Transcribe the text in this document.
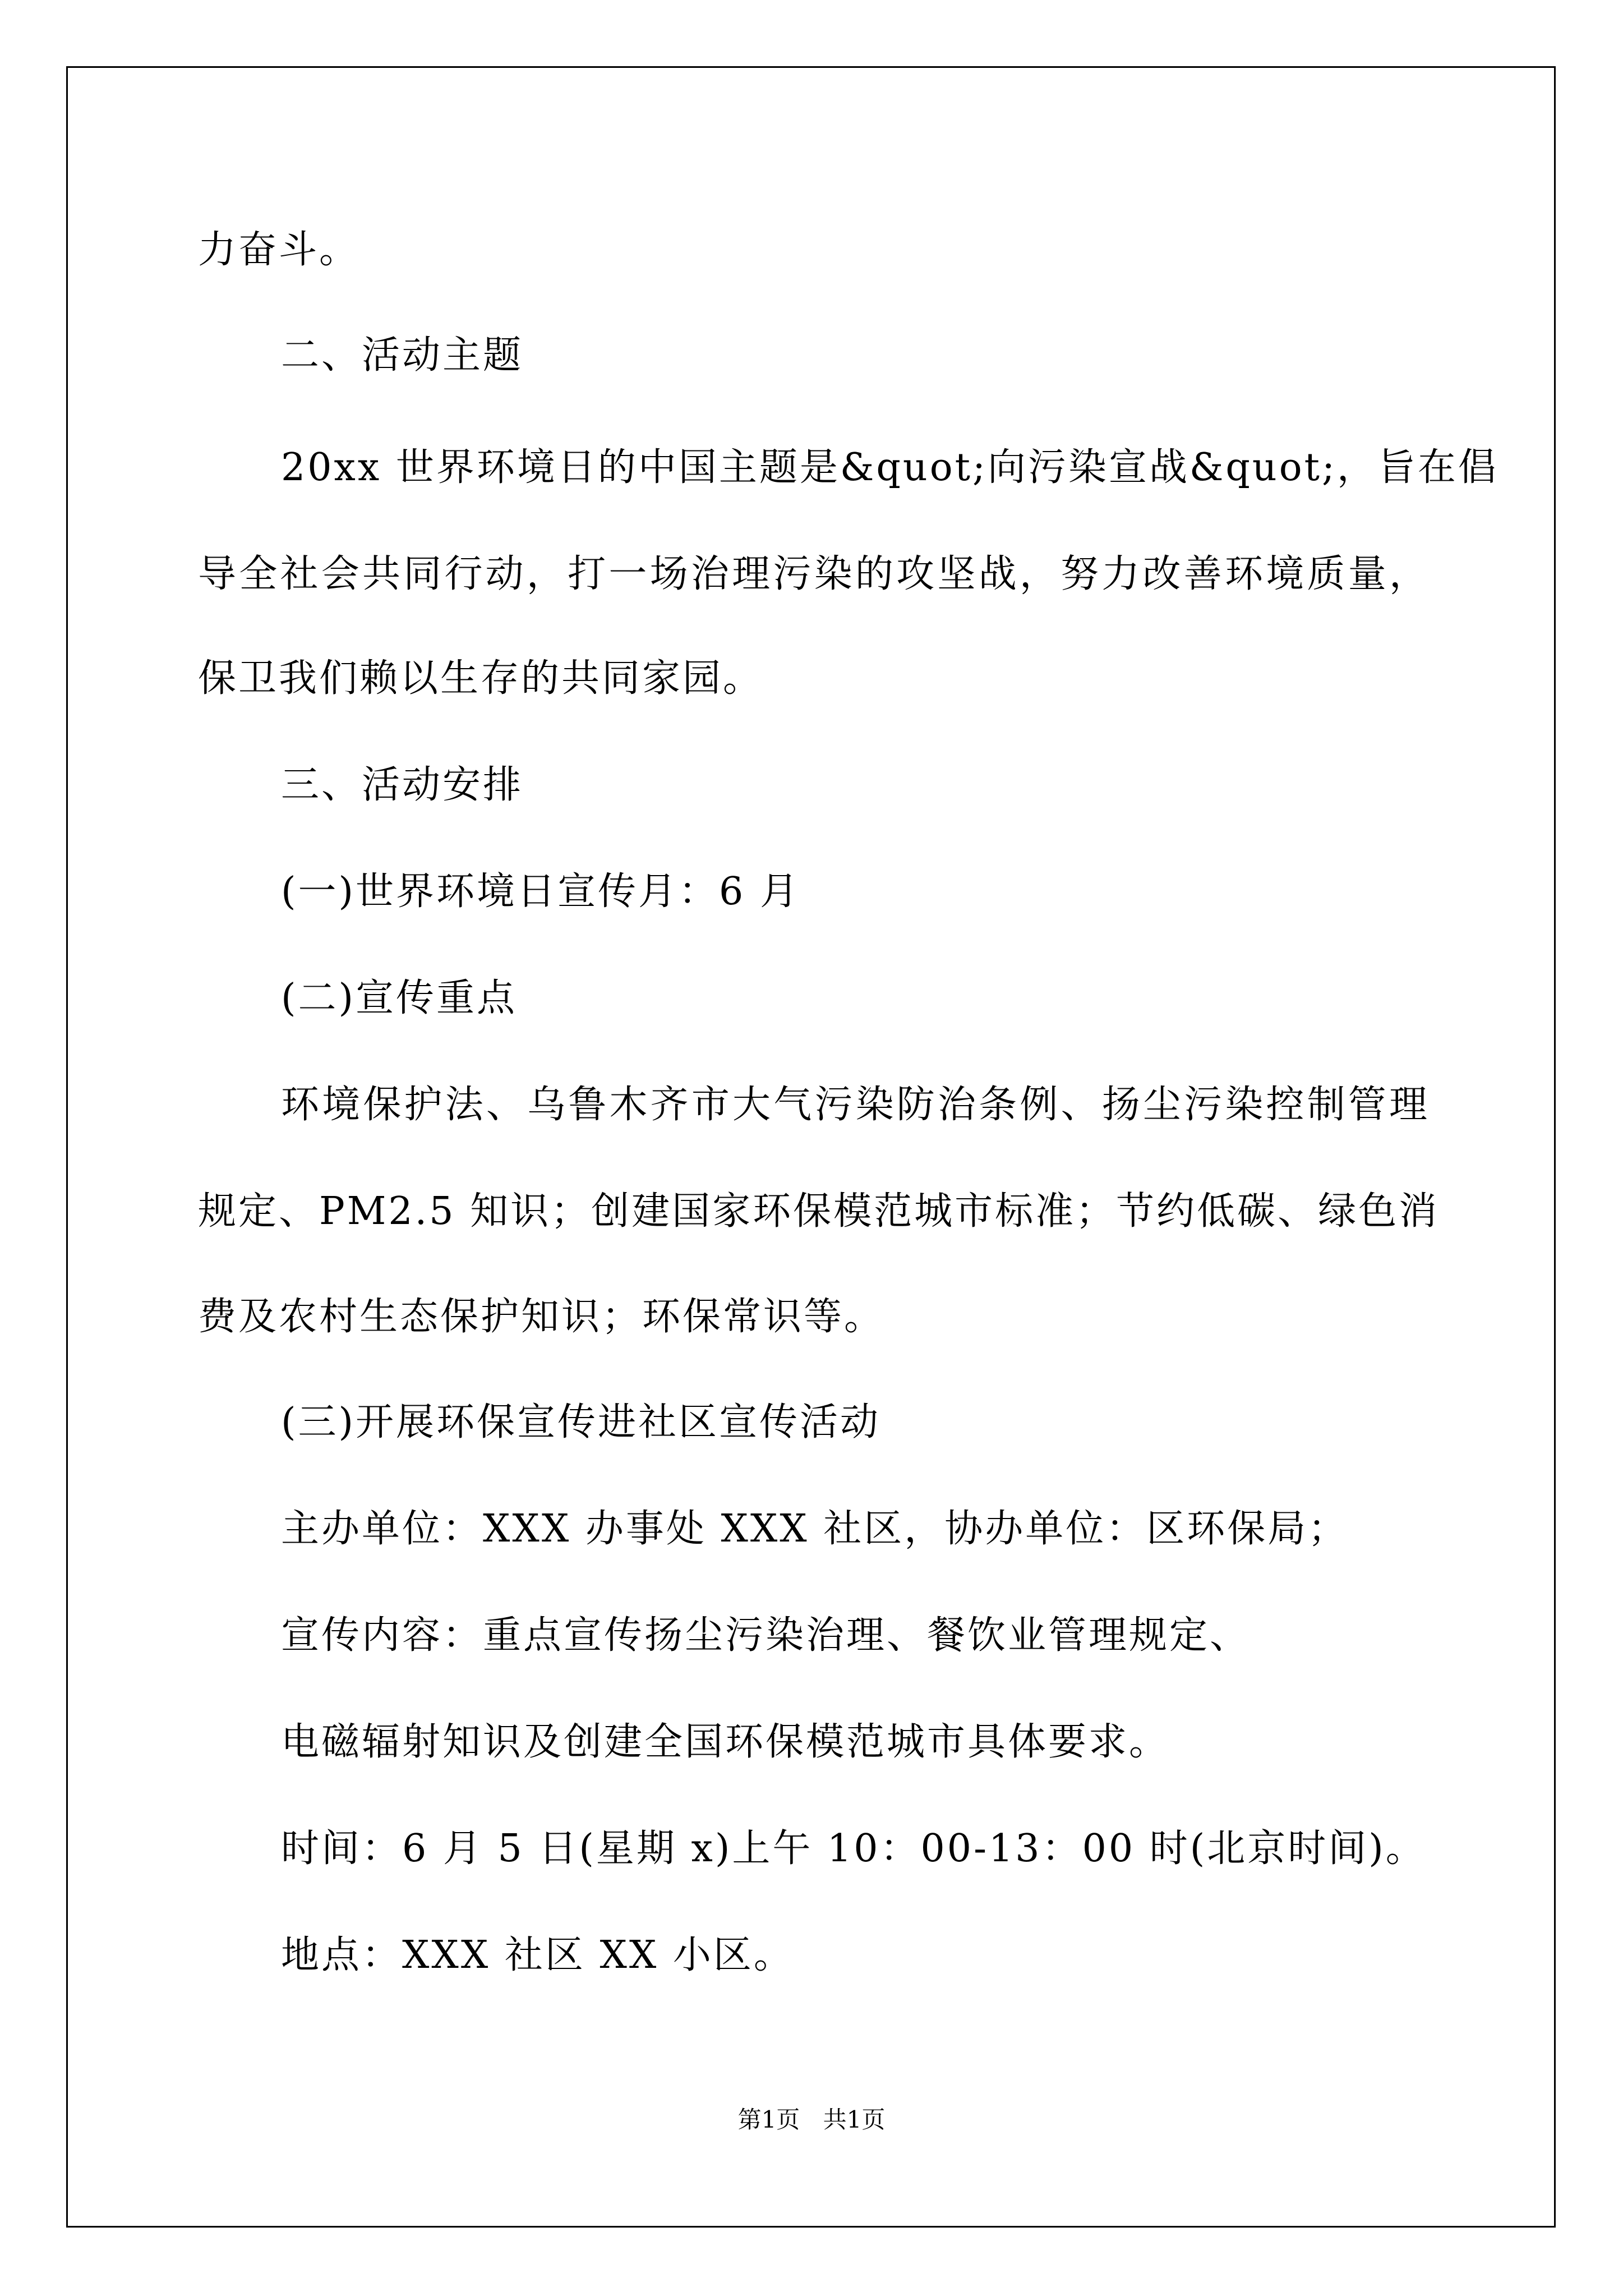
力奋斗。
二、活动主题
20xx 世界环境日的中国主题是&quot;向污染宣战&quot;，旨在倡
导全社会共同行动，打一场治理污染的攻坚战，努力改善环境质量，
保卫我们赖以生存的共同家园。
三、活动安排
(一)世界环境日宣传月：6 月
(二)宣传重点
环境保护法、乌鲁木齐市大气污染防治条例、扬尘污染控制管理
规定、PM2.5 知识；创建国家环保模范城市标准；节约低碳、绿色消
费及农村生态保护知识；环保常识等。
(三)开展环保宣传进社区宣传活动
主办单位：XXX 办事处 XXX 社区，协办单位：区环保局；
宣传内容：重点宣传扬尘污染治理、餐饮业管理规定、
电磁辐射知识及创建全国环保模范城市具体要求。
时间：6 月 5 日(星期 x)上午 10：00-13：00 时(北京时间)。
地点：XXX 社区 XX 小区。
第1页 共1页
